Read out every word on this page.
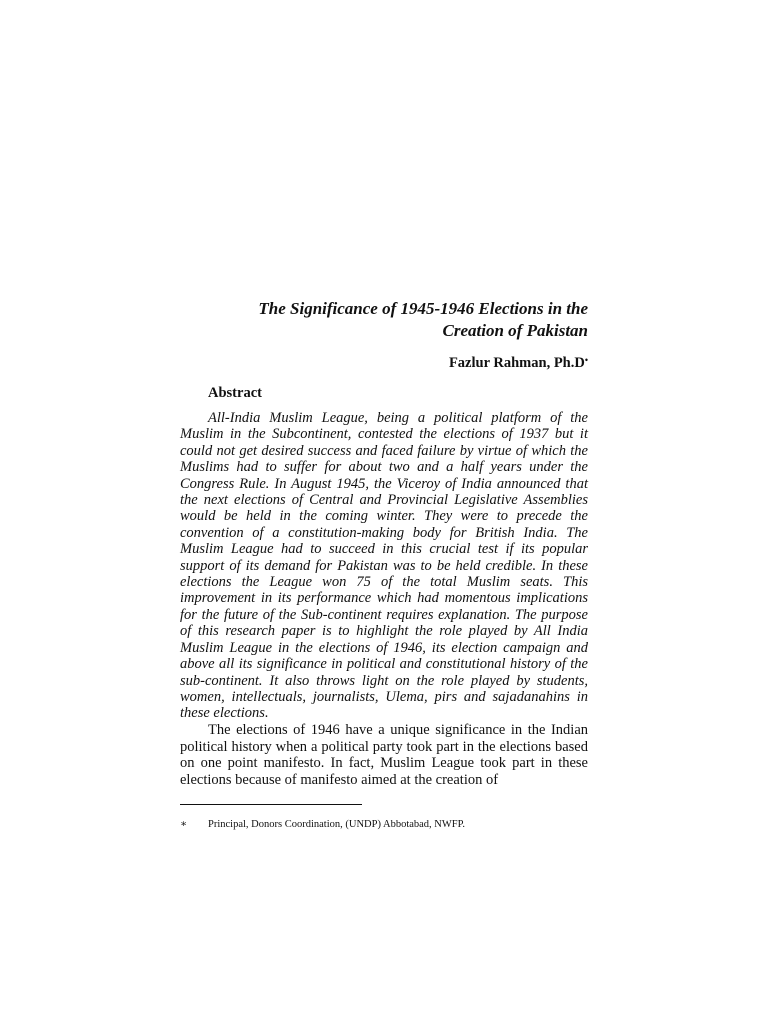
The Significance of 1945-1946 Elections in the
Creation of Pakistan
Fazlur Rahman, Ph.D•
Abstract

All-India Muslim League, being a political platform of the Muslim in the Subcontinent, contested the elections of 1937 but it could not get desired success and faced failure by virtue of which the Muslims had to suffer for about two and a half years under the Congress Rule. In August 1945, the Viceroy of India announced that the next elections of Central and Provincial Legislative Assemblies would be held in the coming winter. They were to precede the convention of a constitution-making body for British India. The Muslim League had to succeed in this crucial test if its popular support of its demand for Pakistan was to be held credible. In these elections the League won 75 of the total Muslim seats. This improvement in its performance which had momentous implications for the future of the Sub-continent requires explanation. The purpose of this research paper is to highlight the role played by All India Muslim League in the elections of 1946, its election campaign and above all its significance in political and constitutional history of the sub-continent. It also throws light on the role played by students, women, intellectuals, journalists, Ulema, pirs and sajadanahins in these elections.

The elections of 1946 have a unique significance in the Indian political history when a political party took part in the elections based on one point manifesto. In fact, Muslim League took part in these elections because of manifesto aimed at the creation of

∗ Principal, Donors Coordination, (UNDP) Abbotabad, NWFP.
